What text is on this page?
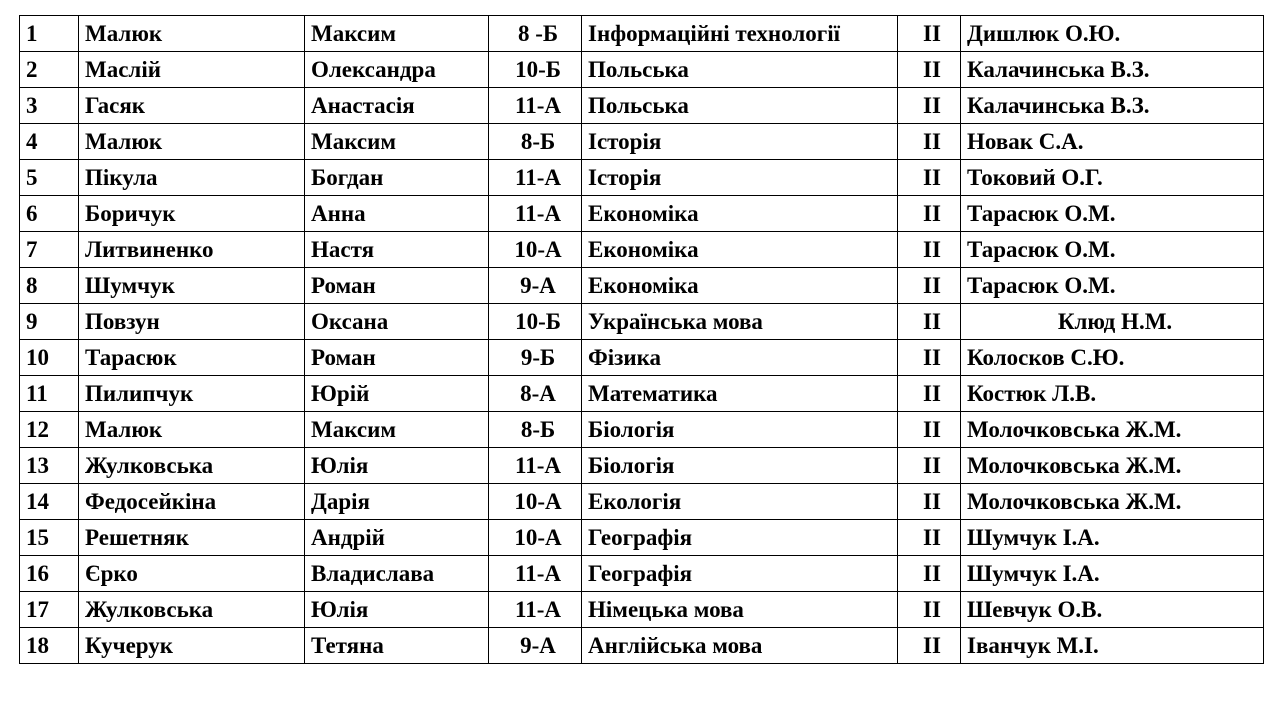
1	Малюк	Максим	8 -Б	Інформаційні технології	ІІ	Дишлюк О.Ю.
2	Маслій	Олександра	10-Б	Польська	ІІ	Калачинська В.З.
3	Гасяк	Анастасія	11-А	Польська	ІІ	Калачинська В.З.
4	Малюк	Максим	8-Б	Історія	ІІ	Новак С.А.
5	Пікула	Богдан	11-А	Історія	ІІ	Токовий О.Г.
6	Боричук	Анна	11-А	Економіка	ІІ	Тарасюк О.М.
7	Литвиненко	Настя	10-А	Економіка	ІІ	Тарасюк О.М.
8	Шумчук	Роман	9-А	Економіка	ІІ	Тарасюк О.М.
9	Повзун	Оксана	10-Б	Українська мова	ІІ	Клюд Н.М.
10	Тарасюк	Роман	9-Б	Фізика	ІІ	Колосков С.Ю.
11	Пилипчук	Юрій	8-А	Математика	ІІ	Костюк Л.В.
12	Малюк	Максим	8-Б	Біологія	ІІ	Молочковська Ж.М.
13	Жулковська	Юлія	11-А	Біологія	ІІ	Молочковська Ж.М.
14	Федосейкіна	Дарія	10-А	Екологія	ІІ	Молочковська Ж.М.
15	Решетняк	Андрій	10-А	Географія	ІІ	Шумчук І.А.
16	Єрко	Владислава	11-А	Географія	ІІ	Шумчук І.А.
17	Жулковська	Юлія	11-А	Німецька мова	ІІ	Шевчук О.В.
18	Кучерук	Тетяна	9-А	Англійська мова	ІІ	Іванчук М.І.
